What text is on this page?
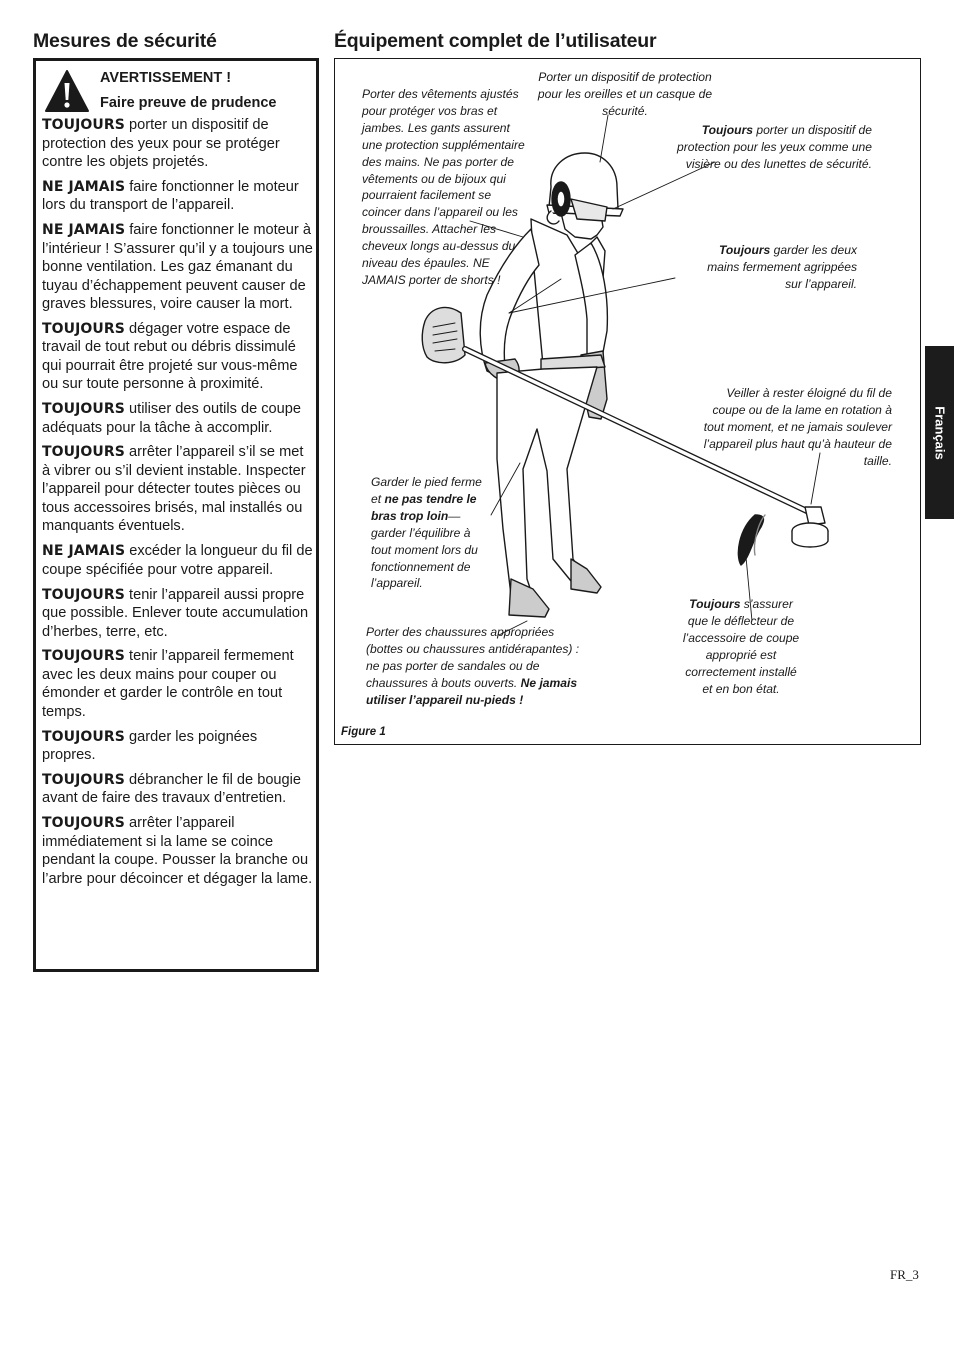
Mesures de sécurité	Équipement complet de l’utilisateur
AVERTISSEMENT !
Faire preuve de prudence

TOUJOURS porter un dispositif de protection des yeux pour se protéger contre les objets projetés.

NE JAMAIS faire fonctionner le moteur lors du transport de l’appareil.

NE JAMAIS faire fonctionner le moteur à l’intérieur ! S’assurer qu’il y a toujours une bonne ventilation. Les gaz émanant du tuyau d’échappement peuvent causer de graves blessures, voire causer la mort.

TOUJOURS dégager votre espace de travail de tout rebut ou débris dissimulé qui pourrait être projeté sur vous-même ou sur toute personne à proximité.

TOUJOURS utiliser des outils de coupe adéquats pour la tâche à accomplir.

TOUJOURS arrêter l’appareil s’il se met à vibrer ou s’il devient instable. Inspecter l’appareil pour détecter toutes pièces ou tous accessoires brisés, mal installés ou manquants éventuels.

NE JAMAIS excéder la longueur du fil de coupe spécifiée pour votre appareil.

TOUJOURS tenir l’appareil aussi propre que possible. Enlever toute accumulation d’herbes, terre, etc.

TOUJOURS tenir l’appareil fermement avec les deux mains pour couper ou émonder et garder le contrôle en tout temps.

TOUJOURS garder les poignées propres.

TOUJOURS débrancher le fil de bougie avant de faire des travaux d’entretien.

TOUJOURS arrêter l’appareil immédiatement si la lame se coince pendant la coupe. Pousser la branche ou l’arbre pour décoincer et dégager la lame.

Porter un dispositif de protection pour les oreilles et un casque de sécurité.
Toujours porter un dispositif de protection pour les yeux comme une visière ou des lunettes de sécurité.
Porter des vêtements ajustés pour protéger vos bras et jambes. Les gants assurent une protection supplémentaire des mains. Ne pas porter de vêtements ou de bijoux qui pourraient facilement se coincer dans l’appareil ou les broussailles. Attacher les cheveux longs au-dessus du niveau des épaules. NE JAMAIS porter de shorts !
Toujours garder les deux mains fermement agrippées sur l’appareil.
Veiller à rester éloigné du fil de coupe ou de la lame en rotation à tout moment, et ne jamais soulever l’appareil plus haut qu’à hauteur de taille.
Garder le pied ferme et ne pas tendre le bras trop loin—garder l’équilibre à tout moment lors du fonctionnement de l’appareil.
Porter des chaussures appropriées (bottes ou chaussures antidérapantes) : ne pas porter de sandales ou de chaussures à bouts ouverts. Ne jamais utiliser l’appareil nu-pieds !
Toujours s’assurer que le déflecteur de l’accessoire de coupe approprié est correctement installé et en bon état.
Figure 1
Français
FR_3
